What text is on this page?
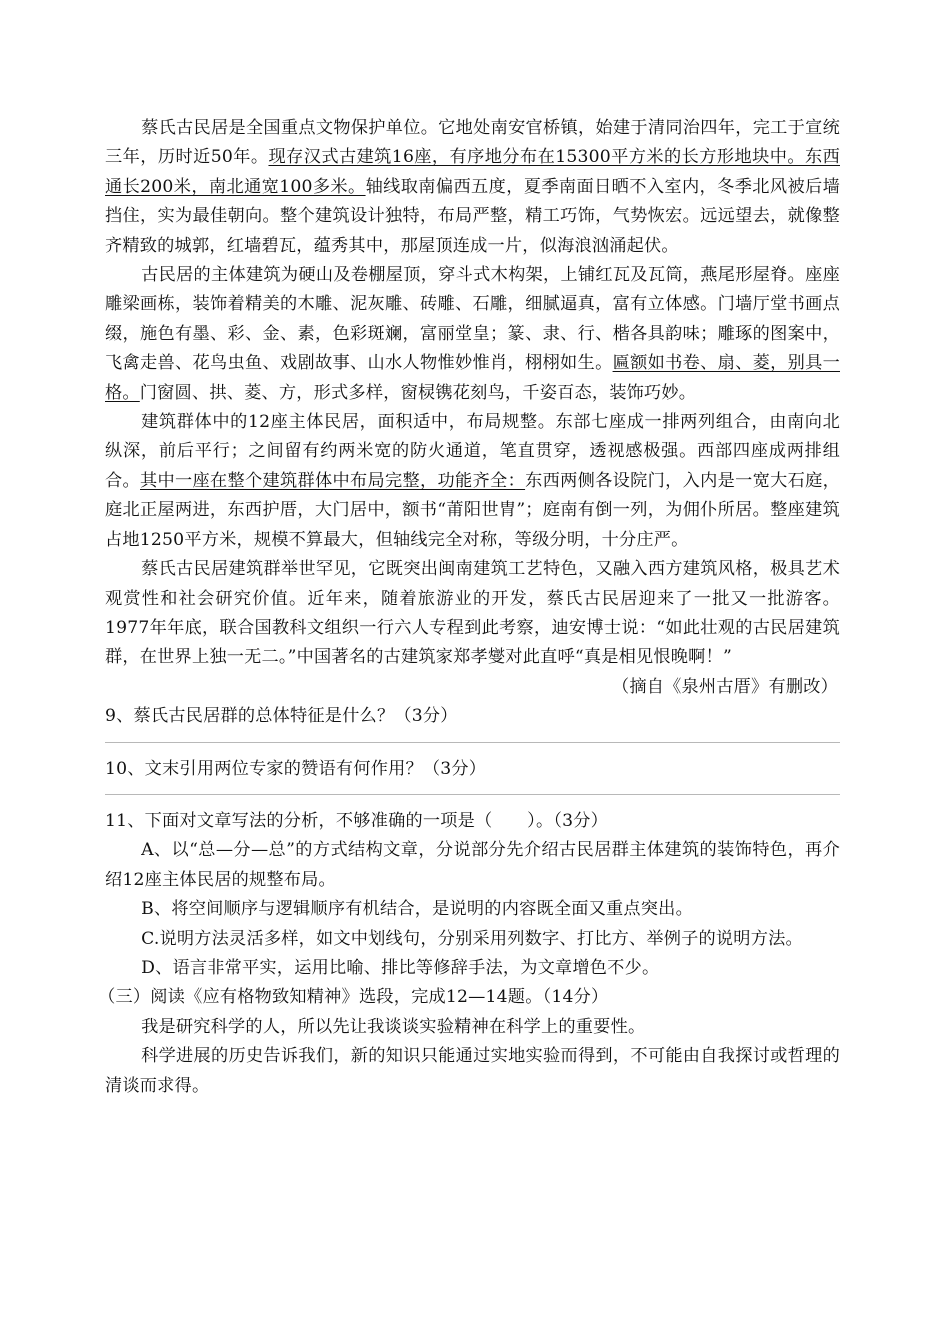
蔡氏古民居是全国重点文物保护单位。它地处南安官桥镇，始建于清同治四年，完工于宣统三年，历时近50年。现存汉式古建筑16座，有序地分布在15300平方米的长方形地块中。东西通长200米，南北通宽100多米。轴线取南偏西五度，夏季南面日晒不入室内，冬季北风被后墙挡住，实为最佳朝向。整个建筑设计独特，布局严整，精工巧饰，气势恢宏。远远望去，就像整齐精致的城郭，红墙碧瓦，蕴秀其中，那屋顶连成一片，似海浪汹涌起伏。

古民居的主体建筑为硬山及卷棚屋顶，穿斗式木构架，上铺红瓦及瓦筒，燕尾形屋脊。座座雕梁画栋，装饰着精美的木雕、泥灰雕、砖雕、石雕，细腻逼真，富有立体感。门墙厅堂书画点缀，施色有墨、彩、金、素，色彩斑斓，富丽堂皇；篆、隶、行、楷各具韵味；雕琢的图案中，飞禽走兽、花鸟虫鱼、戏剧故事、山水人物惟妙惟肖，栩栩如生。匾额如书卷、扇、菱，别具一格。门窗圆、拱、菱、方，形式多样，窗棂镌花刻鸟，千姿百态，装饰巧妙。

建筑群体中的12座主体民居，面积适中，布局规整。东部七座成一排两列组合，由南向北纵深，前后平行；之间留有约两米宽的防火通道，笔直贯穿，透视感极强。西部四座成两排组合。其中一座在整个建筑群体中布局完整，功能齐全：东西两侧各设院门，入内是一宽大石庭，庭北正屋两进，东西护厝，大门居中，额书“莆阳世胄”；庭南有倒一列，为佣仆所居。整座建筑占地1250平方米，规模不算最大，但轴线完全对称，等级分明，十分庄严。

蔡氏古民居建筑群举世罕见，它既突出闽南建筑工艺特色，又融入西方建筑风格，极具艺术观赏性和社会研究价值。近年来，随着旅游业的开发，蔡氏古民居迎来了一批又一批游客。1977年年底，联合国教科文组织一行六人专程到此考察，迪安博士说：“如此壮观的古民居建筑群，在世界上独一无二。”中国著名的古建筑家郑孝燮对此直呼“真是相见恨晚啊！”

（摘自《泉州古厝》有删改）

9、蔡氏古民居群的总体特征是什么？（3分）

10、文末引用两位专家的赞语有何作用？（3分）

11、下面对文章写法的分析，不够准确的一项是（　　）。（3分）

A、以“总—分—总”的方式结构文章，分说部分先介绍古民居群主体建筑的装饰特色，再介绍12座主体民居的规整布局。

B、将空间顺序与逻辑顺序有机结合，是说明的内容既全面又重点突出。

C.说明方法灵活多样，如文中划线句，分别采用列数字、打比方、举例子的说明方法。

D、语言非常平实，运用比喻、排比等修辞手法，为文章增色不少。

（三）阅读《应有格物致知精神》选段，完成12—14题。（14分）

我是研究科学的人，所以先让我谈谈实验精神在科学上的重要性。

科学进展的历史告诉我们，新的知识只能通过实地实验而得到，不可能由自我探讨或哲理的清谈而求得。
